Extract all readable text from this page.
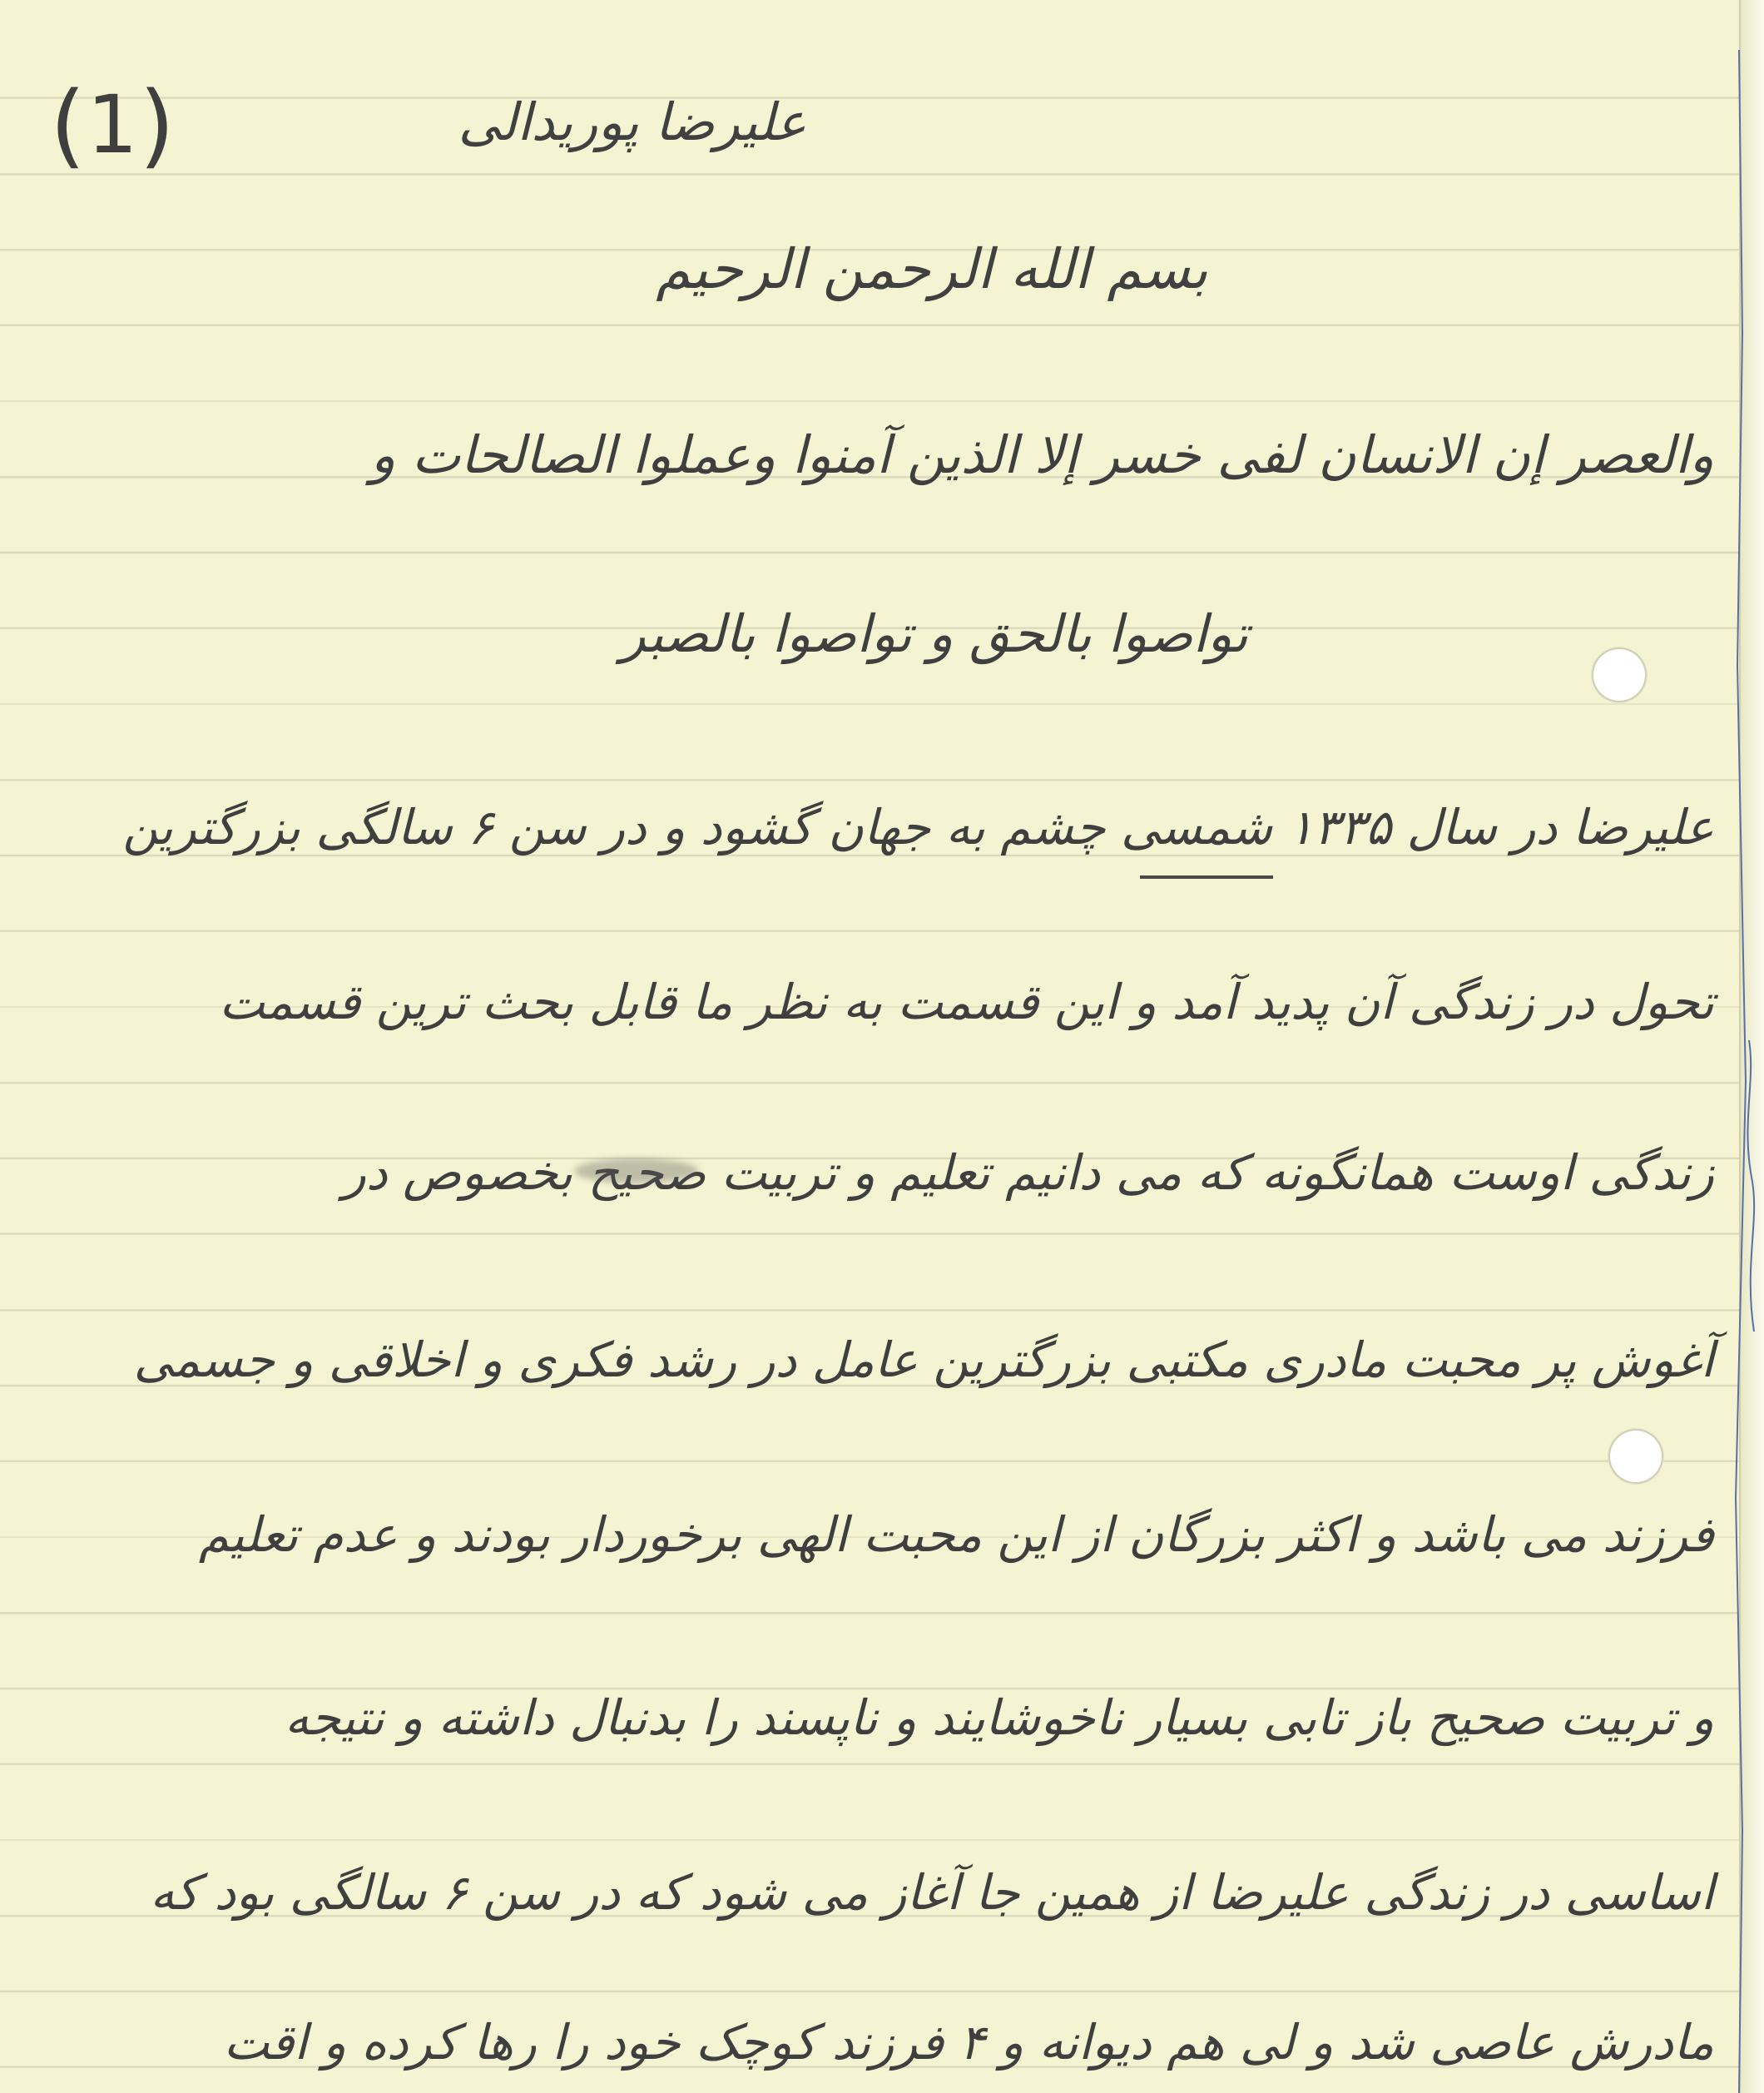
( 1 )	علیرضا پوریدالی
بسم الله الرحمن الرحیم
والعصر إن الانسان لفی خسر إلا الذین آمنوا وعملوا الصالحات و
تواصوا بالحق و تواصوا بالصبر
علیرضا در سال ۱۳۳۵ شمسی چشم به جهان گشود و در سن ۶ سالگی بزرگترین
تحول در زندگی آن پدید آمد و این قسمت به نظر ما قابل بحث ترین قسمت
زندگی اوست همانگونه که می دانیم تعلیم و تربیت صحیح بخصوص در
آغوش پر محبت مادری مکتبی بزرگترین عامل در رشد فکری و اخلاقی و جسمی
فرزند می باشد و اکثر بزرگان از این محبت الهی برخوردار بودند و عدم تعلیم
و تربیت صحیح باز تابی بسیار ناخوشایند و ناپسند را بدنبال داشته و نتیجه
اساسی در زندگی علیرضا از همین جا آغاز می شود که در سن ۶ سالگی بود که
مادرش عاصی شد و لی هم دیوانه و ۴ فرزند کوچک خود را رها کرده و اقت
